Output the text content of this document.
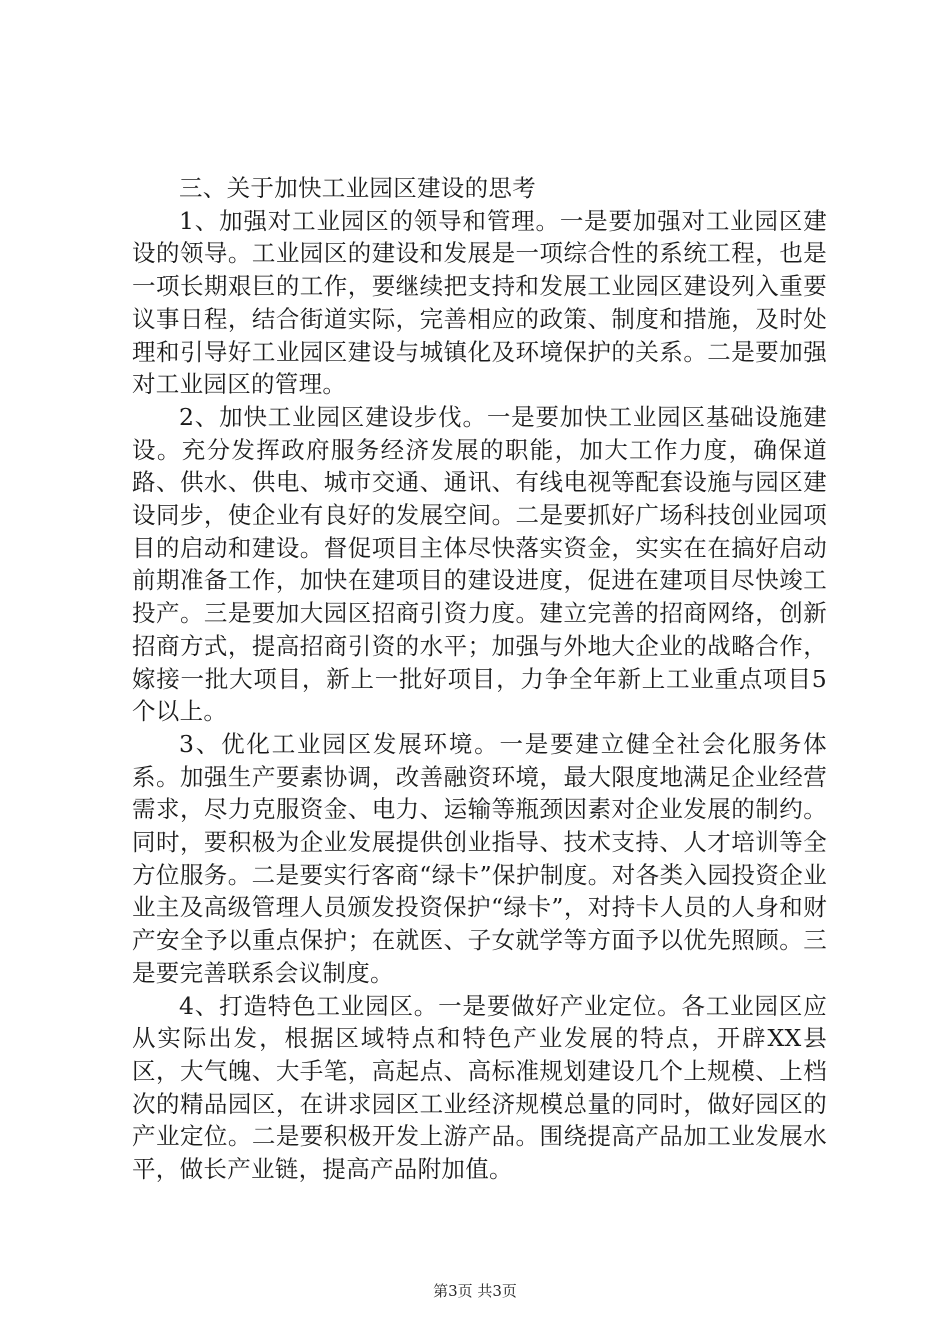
三、关于加快工业园区建设的思考

1、加强对工业园区的领导和管理。一是要加强对工业园区建设的领导。工业园区的建设和发展是一项综合性的系统工程，也是一项长期艰巨的工作，要继续把支持和发展工业园区建设列入重要议事日程，结合街道实际，完善相应的政策、制度和措施，及时处理和引导好工业园区建设与城镇化及环境保护的关系。二是要加强对工业园区的管理。

2、加快工业园区建设步伐。一是要加快工业园区基础设施建设。充分发挥政府服务经济发展的职能，加大工作力度，确保道路、供水、供电、城市交通、通讯、有线电视等配套设施与园区建设同步，使企业有良好的发展空间。二是要抓好广场科技创业园项目的启动和建设。督促项目主体尽快落实资金，实实在在搞好启动前期准备工作，加快在建项目的建设进度，促进在建项目尽快竣工投产。三是要加大园区招商引资力度。建立完善的招商网络，创新招商方式，提高招商引资的水平；加强与外地大企业的战略合作，嫁接一批大项目，新上一批好项目，力争全年新上工业重点项目5个以上。

3、优化工业园区发展环境。一是要建立健全社会化服务体系。加强生产要素协调，改善融资环境，最大限度地满足企业经营需求，尽力克服资金、电力、运输等瓶颈因素对企业发展的制约。同时，要积极为企业发展提供创业指导、技术支持、人才培训等全方位服务。二是要实行客商“绿卡”保护制度。对各类入园投资企业业主及高级管理人员颁发投资保护“绿卡”，对持卡人员的人身和财产安全予以重点保护；在就医、子女就学等方面予以优先照顾。三是要完善联系会议制度。

4、打造特色工业园区。一是要做好产业定位。各工业园区应从实际出发，根据区域特点和特色产业发展的特点，开辟XX县区，大气魄、大手笔，高起点、高标准规划建设几个上规模、上档次的精品园区，在讲求园区工业经济规模总量的同时，做好园区的产业定位。二是要积极开发上游产品。围绕提高产品加工业发展水平，做长产业链，提高产品附加值。

第3页 共3页
